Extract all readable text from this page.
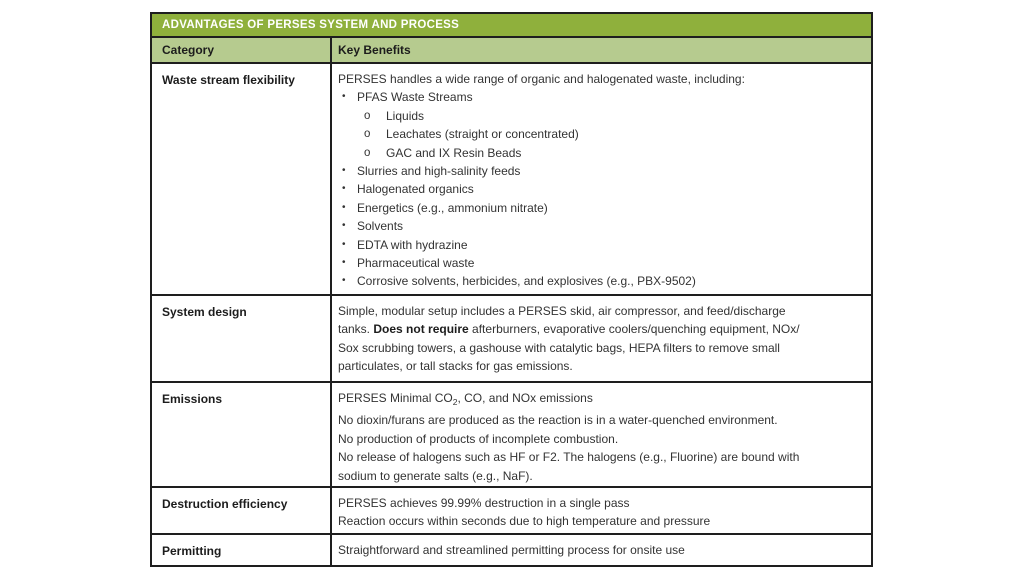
ADVANTAGES OF PERSES SYSTEM AND PROCESS
Category	Key Benefits
Waste stream flexibility	PERSES handles a wide range of organic and halogenated waste, including:
• PFAS Waste Streams
o	Liquids
o	Leachates (straight or concentrated)
o	GAC and IX Resin Beads
• Slurries and high-salinity feeds
• Halogenated organics
• Energetics (e.g., ammonium nitrate)
• Solvents
• EDTA with hydrazine
• Pharmaceutical waste
• Corrosive solvents, herbicides, and explosives (e.g., PBX-9502)
System design	Simple, modular setup includes a PERSES skid, air compressor, and feed/discharge
tanks. Does not require afterburners, evaporative coolers/quenching equipment, NOx/
Sox scrubbing towers, a gashouse with catalytic bags, HEPA filters to remove small
particulates, or tall stacks for gas emissions.
Emissions	PERSES Minimal $CO_2$, CO, and NOx emissions
No dioxin/furans are produced as the reaction is in a water-quenched environment.
No production of products of incomplete combustion.
No release of halogens such as HF or F2. The halogens (e.g., Fluorine) are bound with
sodium to generate salts (e.g., NaF).
Destruction efficiency	PERSES achieves 99.99% destruction in a single pass
Reaction occurs within seconds due to high temperature and pressure
Permitting	Straightforward and streamlined permitting process for onsite use
